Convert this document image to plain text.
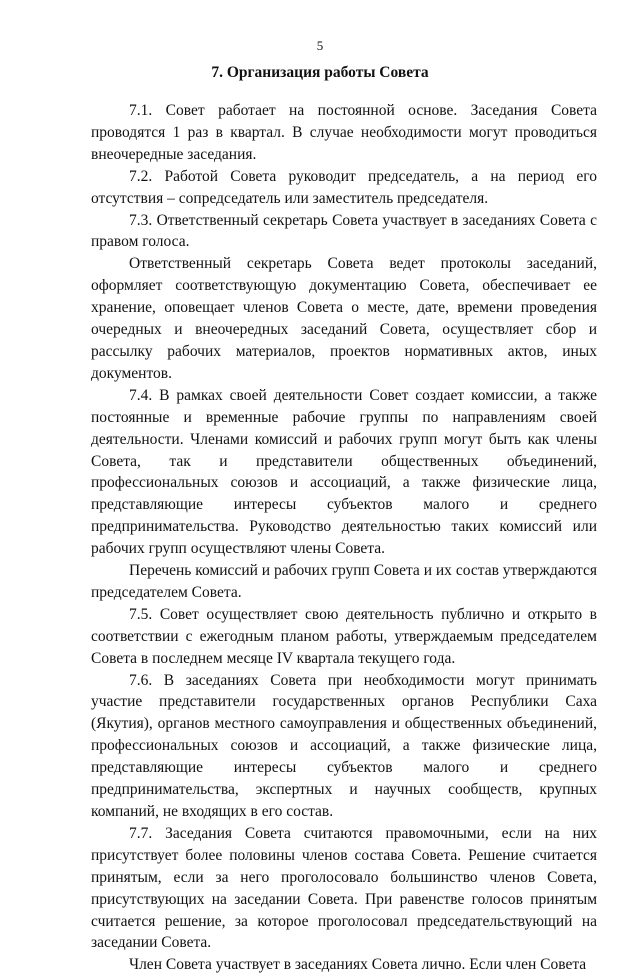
5
7. Организация работы Совета

7.1. Совет работает на постоянной основе. Заседания Совета проводятся 1 раз в квартал. В случае необходимости могут проводиться внеочередные заседания.

7.2. Работой Совета руководит председатель, а на период его отсутствия – сопредседатель или заместитель председателя.

7.3. Ответственный секретарь Совета участвует в заседаниях Совета с правом голоса.

Ответственный секретарь Совета ведет протоколы заседаний, оформляет соответствующую документацию Совета, обеспечивает ее хранение, оповещает членов Совета о месте, дате, времени проведения очередных и внеочередных заседаний Совета, осуществляет сбор и рассылку рабочих материалов, проектов нормативных актов, иных документов.

7.4. В рамках своей деятельности Совет создает комиссии, а также постоянные и временные рабочие группы по направлениям своей деятельности. Членами комиссий и рабочих групп могут быть как члены Совета, так и представители общественных объединений, профессиональных союзов и ассоциаций, а также физические лица, представляющие интересы субъектов малого и среднего предпринимательства. Руководство деятельностью таких комиссий или рабочих групп осуществляют члены Совета.

Перечень комиссий и рабочих групп Совета и их состав утверждаются председателем Совета.

7.5. Совет осуществляет свою деятельность публично и открыто в соответствии с ежегодным планом работы, утверждаемым председателем Совета в последнем месяце IV квартала текущего года.

7.6. В заседаниях Совета при необходимости могут принимать участие представители государственных органов Республики Саха (Якутия), органов местного самоуправления и общественных объединений, профессиональных союзов и ассоциаций, а также физические лица, представляющие интересы субъектов малого и среднего предпринимательства, экспертных и научных сообществ, крупных компаний, не входящих в его состав.

7.7. Заседания Совета считаются правомочными, если на них присутствует более половины членов состава Совета. Решение считается принятым, если за него проголосовало большинство членов Совета, присутствующих на заседании Совета. При равенстве голосов принятым считается решение, за которое проголосовал председательствующий на заседании Совета.

Член Совета участвует в заседаниях Совета лично. Если член Совета
